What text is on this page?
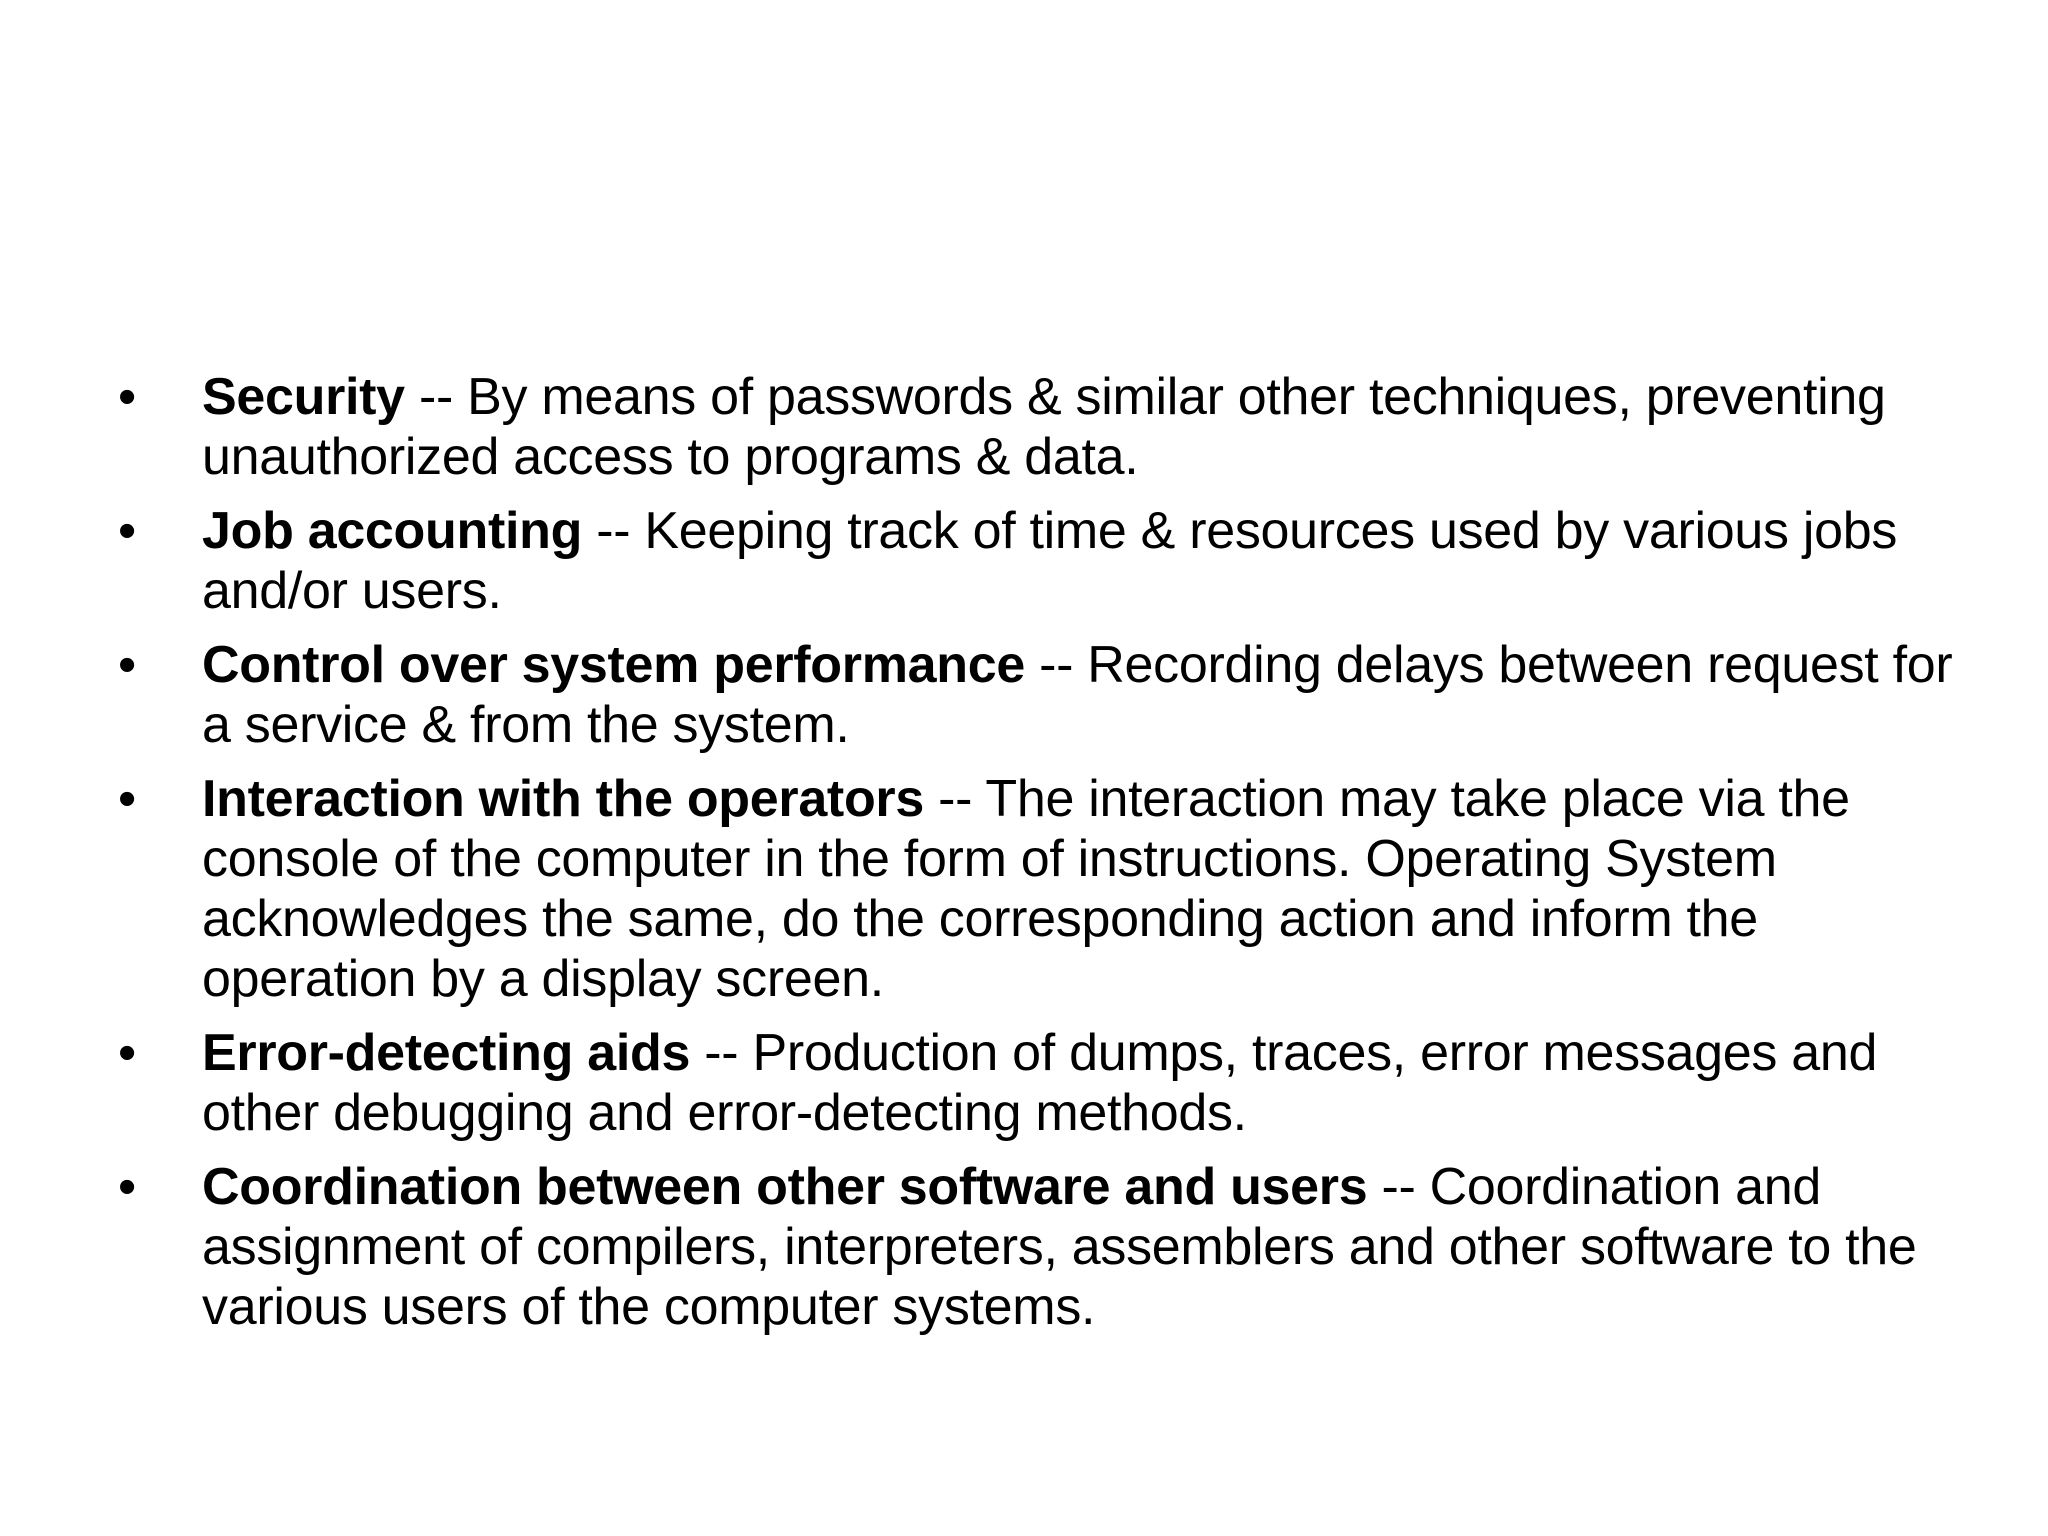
•	Security -- By means of passwords & similar other techniques, preventing unauthorized access to programs & data.
•	Job accounting -- Keeping track of time & resources used by various jobs and/or users.
•	Control over system performance -- Recording delays between request for a service & from the system.
•	Interaction with the operators -- The interaction may take place via the console of the computer in the form of instructions. Operating System acknowledges the same, do the corresponding action and inform the operation by a display screen.
•	Error-detecting aids -- Production of dumps, traces, error messages and other debugging and error-detecting methods.
•	Coordination between other software and users -- Coordination and assignment of compilers, interpreters, assemblers and other software to the various users of the computer systems.
